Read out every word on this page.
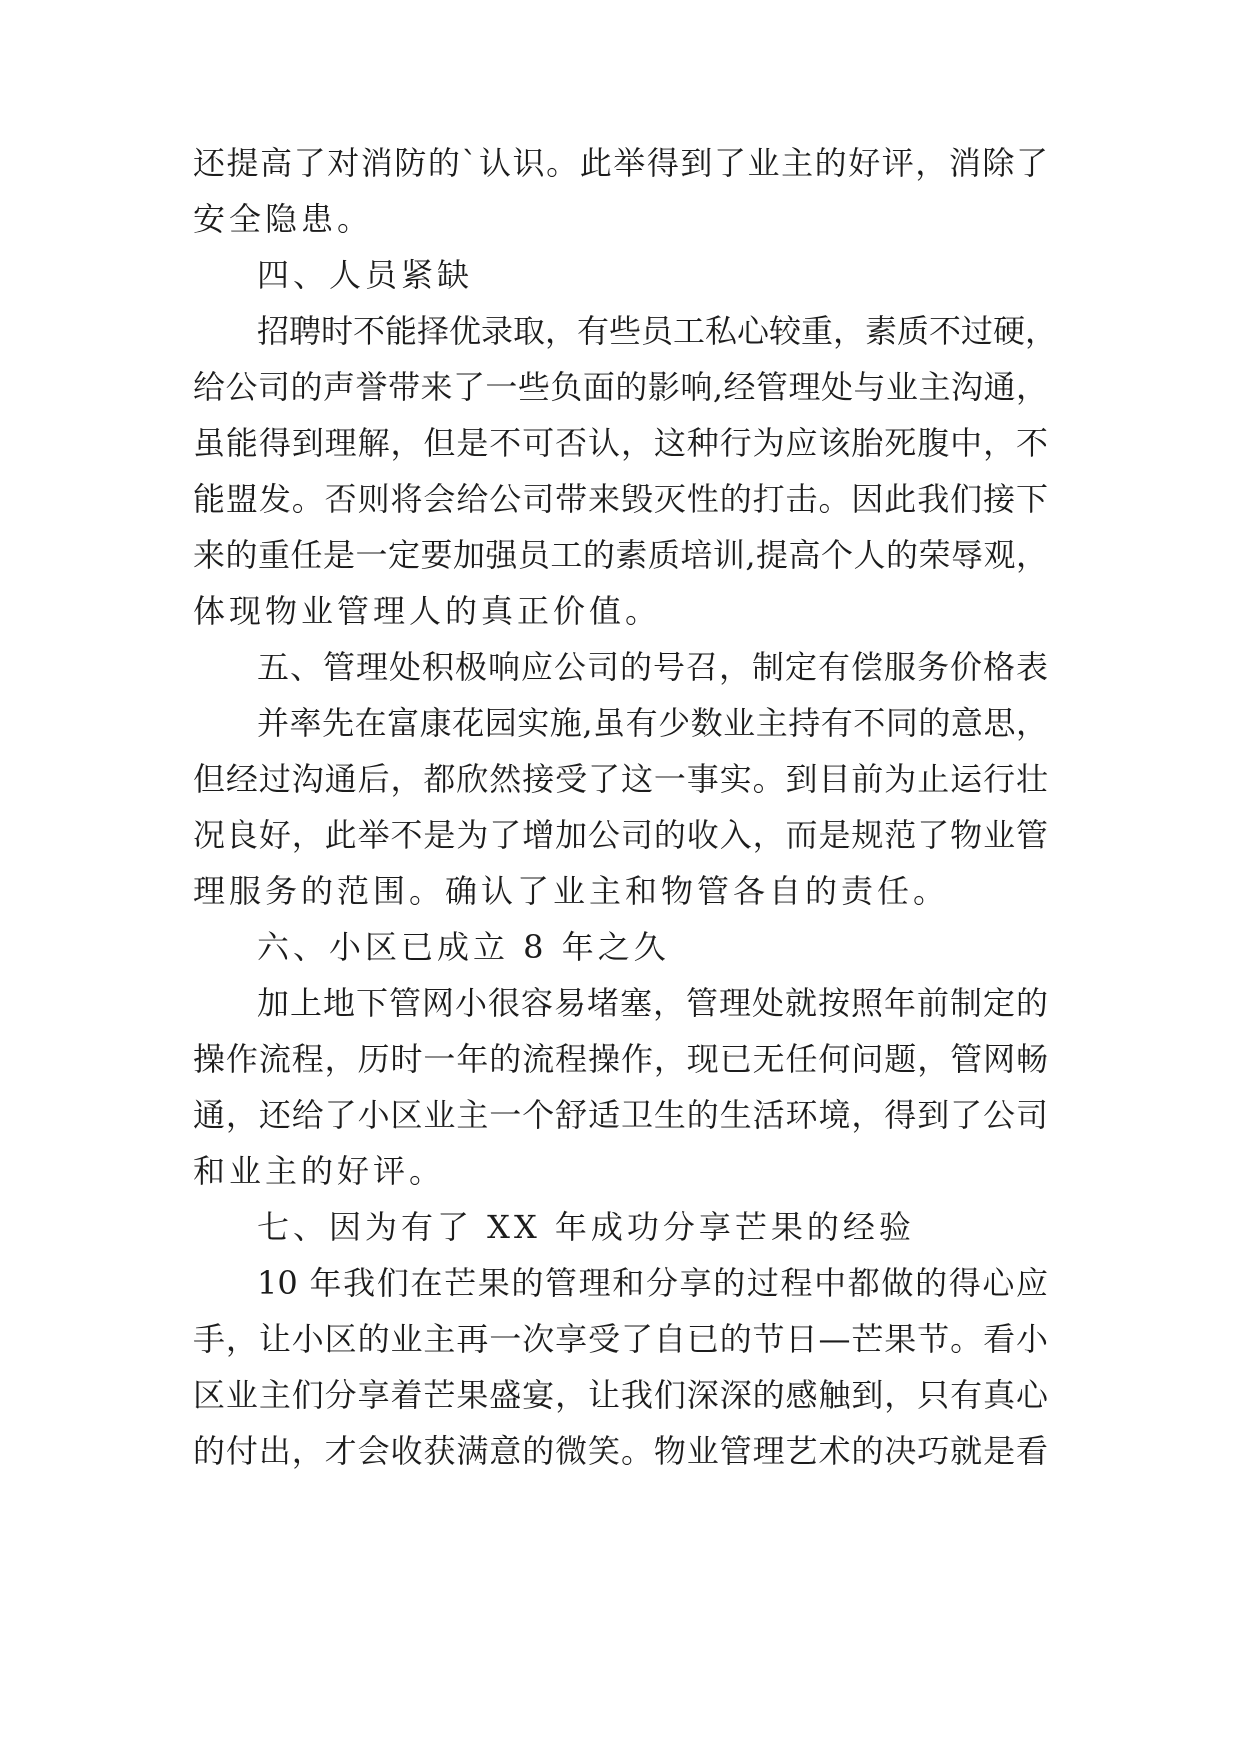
还提高了对消防的`认识。此举得到了业主的好评，消除了
安全隐患。
四、人员紧缺
招聘时不能择优录取，有些员工私心较重，素质不过硬，
给公司的声誉带来了一些负面的影响,经管理处与业主沟通，
虽能得到理解，但是不可否认，这种行为应该胎死腹中，不
能盟发。否则将会给公司带来毁灭性的打击。因此我们接下
来的重任是一定要加强员工的素质培训,提高个人的荣辱观，
体现物业管理人的真正价值。
五、管理处积极响应公司的号召，制定有偿服务价格表
并率先在富康花园实施,虽有少数业主持有不同的意思，
但经过沟通后，都欣然接受了这一事实。到目前为止运行壮
况良好，此举不是为了增加公司的收入，而是规范了物业管
理服务的范围。确认了业主和物管各自的责任。
六、小区已成立 8 年之久
加上地下管网小很容易堵塞，管理处就按照年前制定的
操作流程，历时一年的流程操作，现已无任何问题，管网畅
通，还给了小区业主一个舒适卫生的生活环境，得到了公司
和业主的好评。
七、因为有了 XX 年成功分享芒果的经验
10 年我们在芒果的管理和分享的过程中都做的得心应
手，让小区的业主再一次享受了自已的节日—芒果节。看小
区业主们分享着芒果盛宴，让我们深深的感触到，只有真心
的付出，才会收获满意的微笑。物业管理艺术的决巧就是看
